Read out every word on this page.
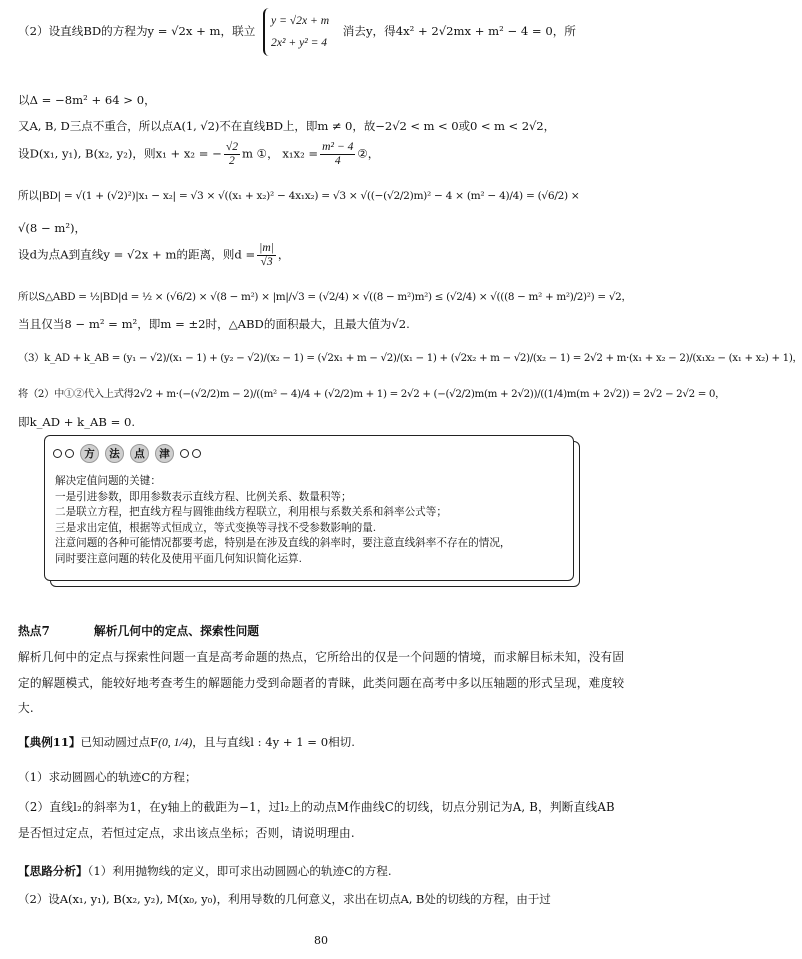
（2）设直线BD的方程为y = √2x + m，联立
y = √2x + m
2x² + y² = 4
消去y，得4x² + 2√2mx + m² − 4 = 0，所
以Δ = −8m² + 64 > 0，
又A, B, D三点不重合，所以点A(1, √2)不在直线BD上，即m ≠ 0，故−2√2 < m < 0或0 < m < 2√2，
设D(x₁, y₁), B(x₂, y₂)，则x₁ + x₂ = − $\frac{√2}{2}$ m ①， $x_1x_2 = \frac{\text{m² − 4}}{4}$ ②，
所以|BD| = √(1 + (√2)²)|x₁ − x₂| = √3 × √((x₁ + x₂)² − 4x₁x₂) = √3 × √((−(√2/2)m)² − 4 × (m² − 4)/4) = (√6/2) ×
√(8 − m²)，
设d为点A到直线y = √2x + m的距离，则$d = \frac{|m|}{√3}$ ，
所以S△ABD = ½|BD|d = ½ × (√6/2) × √(8 − m²) × |m|/√3 = (√2/4) × √((8 − m²)m²) ≤ (√2/4) × √(((8 − m² + m²)/2)²) = √2，
当且仅当8 − m² = m²，即m = ±2时，△ABD的面积最大，且最大值为√2.
（3）k_AD + k_AB = (y₁ − √2)/(x₁ − 1) + (y₂ − √2)/(x₂ − 1) = (√2x₁ + m − √2)/(x₁ − 1) + (√2x₂ + m − √2)/(x₂ − 1) = 2√2 + m·(x₁ + x₂ − 2)/(x₁x₂ − (x₁ + x₂) + 1)，
将（2）中①②代入上式得2√2 + m·(−(√2/2)m − 2)/((m² − 4)/4 + (√2/2)m + 1) = 2√2 + (−(√2/2)m(m + 2√2))/((1/4)m(m + 2√2)) = 2√2 − 2√2 = 0，
即k_AD + k_AB = 0.
方	法	点	津
解决定值问题的关键：
一是引进参数，即用参数表示直线方程、比例关系、数量积等；
二是联立方程，把直线方程与圆锥曲线方程联立，利用根与系数关系和斜率公式等；
三是求出定值，根据等式恒成立，等式变换等寻找不受参数影响的量.
注意问题的各种可能情况都要考虑，特别是在涉及直线的斜率时，要注意直线斜率不存在的情况，
同时要注意问题的转化及使用平面几何知识简化运算.
热点7	解析几何中的定点、探索性问题
解析几何中的定点与探索性问题一直是高考命题的热点，它所给出的仅是一个问题的情境，而求解目标未知，没有固定的解题模式，能较好地考查考生的解题能力受到命题者的青睐，此类问题在高考中多以压轴题的形式呈现，难度较大.
【典例11】已知动圆过点F(0, 1/4)，且与直线l : 4y + 1 = 0相切.
（1）求动圆圆心的轨迹C的方程；
（2）直线l₂的斜率为1，在y轴上的截距为−1，过l₂上的动点M作曲线C的切线，切点分别记为A, B，判断直线AB是否恒过定点，若恒过定点，求出该点坐标；否则，请说明理由.
【思路分析】（1）利用抛物线的定义，即可求出动圆圆心的轨迹C的方程.
（2）设A(x₁, y₁), B(x₂, y₂), M(x₀, y₀)，利用导数的几何意义，求出在切点A, B处的切线的方程，由于过
80
